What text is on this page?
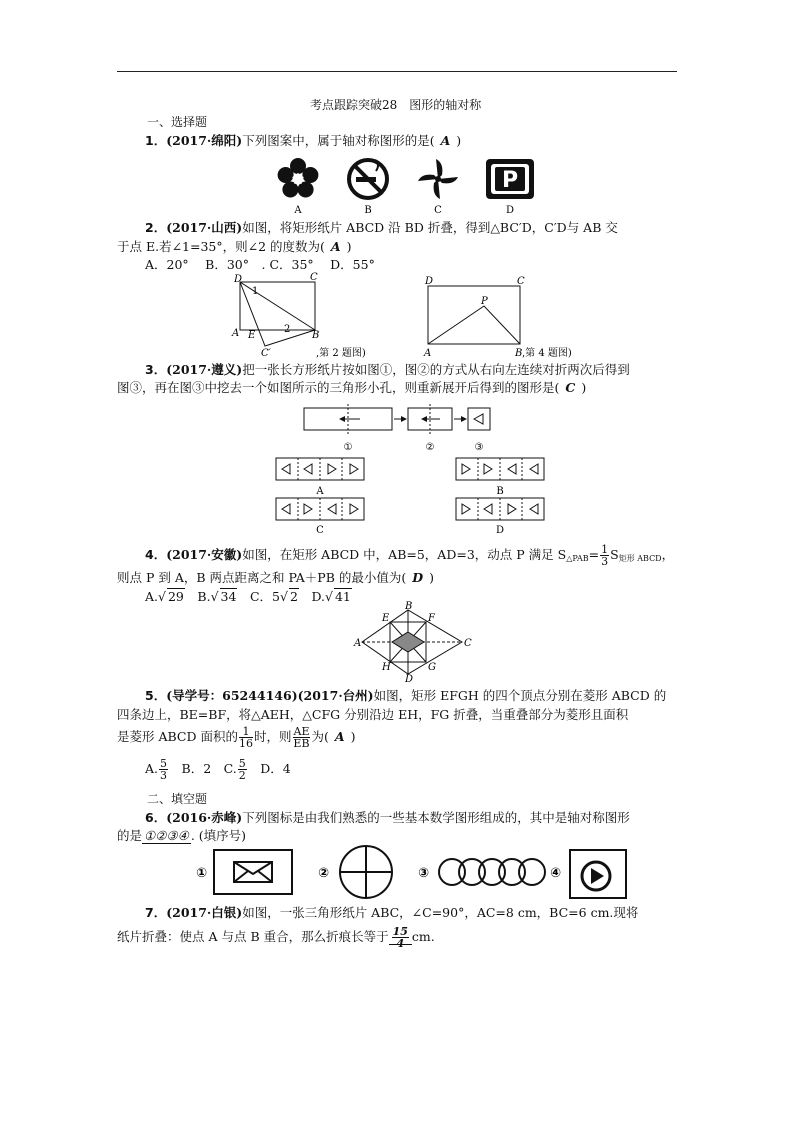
考点跟踪突破28　图形的轴对称
一、选择题
1．(2017·绵阳)下列图案中，属于轴对称图形的是( A )
P
A	B	C	D
2．(2017·山西)如图，将矩形纸片 ABCD 沿 BD 折叠，得到△BC′D，C′D与 AB 交
于点 E.若∠1=35°，则∠2 的度数为( A )
A．20°　 B．30°　. C．35°　 D．55°
D	C
A E	B
C′
1
2
,第 2 题图)
D	C
P
A	B ,第 4 题图)
3．(2017·遵义)把一张长方形纸片按如图①，图②的方式从右向左连续对折两次后得到
图③，再在图③中挖去一个如图所示的三角形小孔，则重新展开后得到的图形是( C )
①	②	③
A	B
C	D
4．(2017·安徽)如图，在矩形 ABCD 中，AB=5，AD=3，动点 P 满足 $S_{\triangle PAB}= \frac{1}{3} S_{矩形 ABCD}$，
则点 P 到 A，B 两点距离之和 PA＋PB 的最小值为( D )
A.√ 29　 B.√ 34　 C．5√ 2　 D.√ 41
A
B
C
D
E	F
G
H
5．(导学号：65244146)(2017·台州)如图，矩形 EFGH 的四个顶点分别在菱形 ABCD 的
四条边上，BE=BF，将△AEH，△CFG 分别沿边 EH，FG 折叠，当重叠部分为菱形且面积
是菱形 ABCD 面积的 $\frac{1}{16}$ 时，则 $\frac{AE}{EB}$ 为( A )
A. $\frac{5}{3}$
　 B．2　C. $\frac{5}{2}$
　 D．4
二、填空题
6．(2016·赤峰)下列图标是由我们熟悉的一些基本数学图形组成的，其中是轴对称图形
的是 ①②③④ . (填序号)
①	②	③	④
7．(2017·白银)如图，一张三角形纸片 ABC，∠C=90°，AC=8 cm，BC=6 cm.现将
纸片折叠：使点 A 与点 B 重合，那么折痕长等于 $\frac{15}{4}$ cm.
